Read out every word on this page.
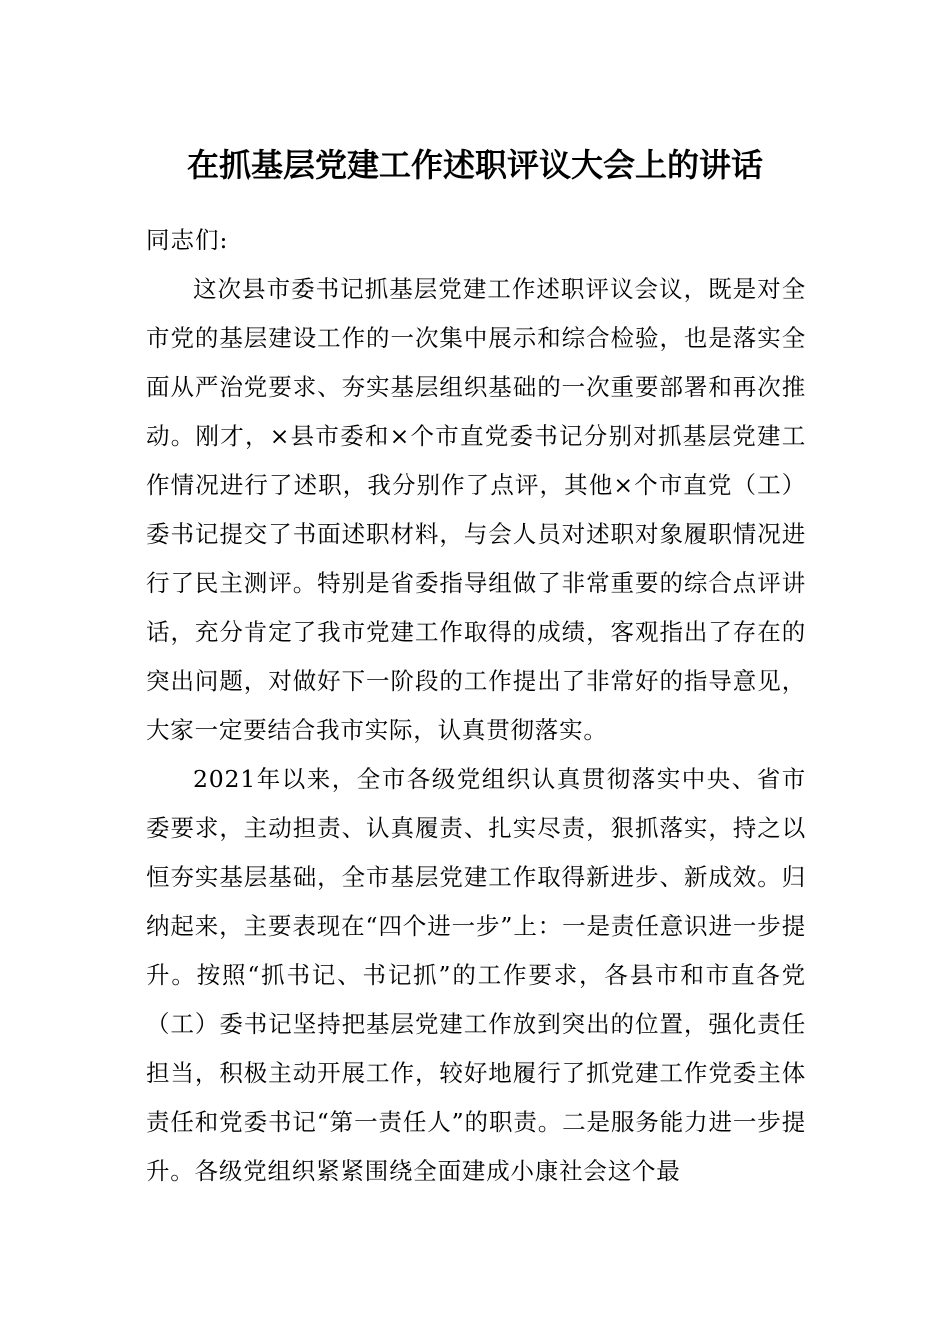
在抓基层党建工作述职评议大会上的讲话

同志们:

这次县市委书记抓基层党建工作述职评议会议，既是对全市党的基层建设工作的一次集中展示和综合检验，也是落实全面从严治党要求、夯实基层组织基础的一次重要部署和再次推动。刚才，×县市委和×个市直党委书记分别对抓基层党建工作情况进行了述职，我分别作了点评，其他×个市直党（工）委书记提交了书面述职材料，与会人员对述职对象履职情况进行了民主测评。特别是省委指导组做了非常重要的综合点评讲话，充分肯定了我市党建工作取得的成绩，客观指出了存在的突出问题，对做好下一阶段的工作提出了非常好的指导意见，大家一定要结合我市实际，认真贯彻落实。

2021年以来，全市各级党组织认真贯彻落实中央、省市委要求，主动担责、认真履责、扎实尽责，狠抓落实，持之以恒夯实基层基础，全市基层党建工作取得新进步、新成效。归纳起来，主要表现在“四个进一步”上：一是责任意识进一步提升。按照“抓书记、书记抓”的工作要求，各县市和市直各党（工）委书记坚持把基层党建工作放到突出的位置，强化责任担当，积极主动开展工作，较好地履行了抓党建工作党委主体责任和党委书记“第一责任人”的职责。二是服务能力进一步提升。各级党组织紧紧围绕全面建成小康社会这个最
